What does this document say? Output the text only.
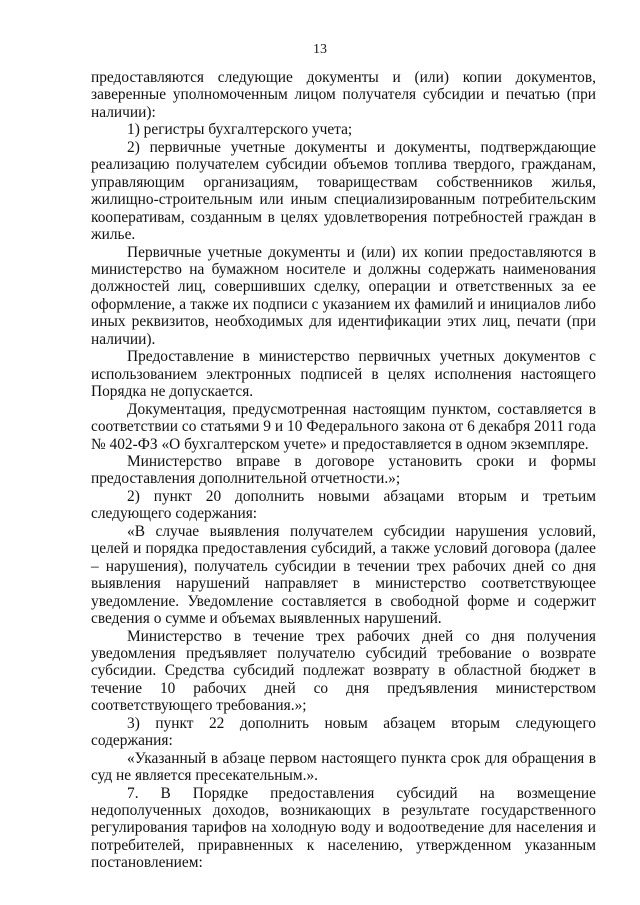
13

предоставляются следующие документы и (или) копии документов, заверенные уполномоченным лицом получателя субсидии и печатью (при наличии):

1) регистры бухгалтерского учета;

2) первичные учетные документы и документы, подтверждающие реализацию получателем субсидии объемов топлива твердого, гражданам, управляющим организациям, товариществам собственников жилья, жилищно-строительным или иным специализированным потребительским кооперативам, созданным в целях удовлетворения потребностей граждан в жилье.

Первичные учетные документы и (или) их копии предоставляются в министерство на бумажном носителе и должны содержать наименования должностей лиц, совершивших сделку, операции и ответственных за ее оформление, а также их подписи с указанием их фамилий и инициалов либо иных реквизитов, необходимых для идентификации этих лиц, печати (при наличии).

Предоставление в министерство первичных учетных документов с использованием электронных подписей в целях исполнения настоящего Порядка не допускается.

Документация, предусмотренная настоящим пунктом, составляется в соответствии со статьями 9 и 10 Федерального закона от 6 декабря 2011 года № 402-ФЗ «О бухгалтерском учете» и предоставляется в одном экземпляре.

Министерство вправе в договоре установить сроки и формы предоставления дополнительной отчетности.»;

2) пункт 20 дополнить новыми абзацами вторым и третьим следующего содержания:

«В случае выявления получателем субсидии нарушения условий, целей и порядка предоставления субсидий, а также условий договора (далее – нарушения), получатель субсидии в течении трех рабочих дней со дня выявления нарушений направляет в министерство соответствующее уведомление. Уведомление составляется в свободной форме и содержит сведения о сумме и объемах выявленных нарушений.

Министерство в течение трех рабочих дней со дня получения уведомления предъявляет получателю субсидий требование о возврате субсидии. Средства субсидий подлежат возврату в областной бюджет в течение 10 рабочих дней со дня предъявления министерством соответствующего требования.»;

3) пункт 22 дополнить новым абзацем вторым следующего содержания:

«Указанный в абзаце первом настоящего пункта срок для обращения в суд не является пресекательным.».

7. В Порядке предоставления субсидий на возмещение недополученных доходов, возникающих в результате государственного регулирования тарифов на холодную воду и водоотведение для населения и потребителей, приравненных к населению, утвержденном указанным постановлением:
